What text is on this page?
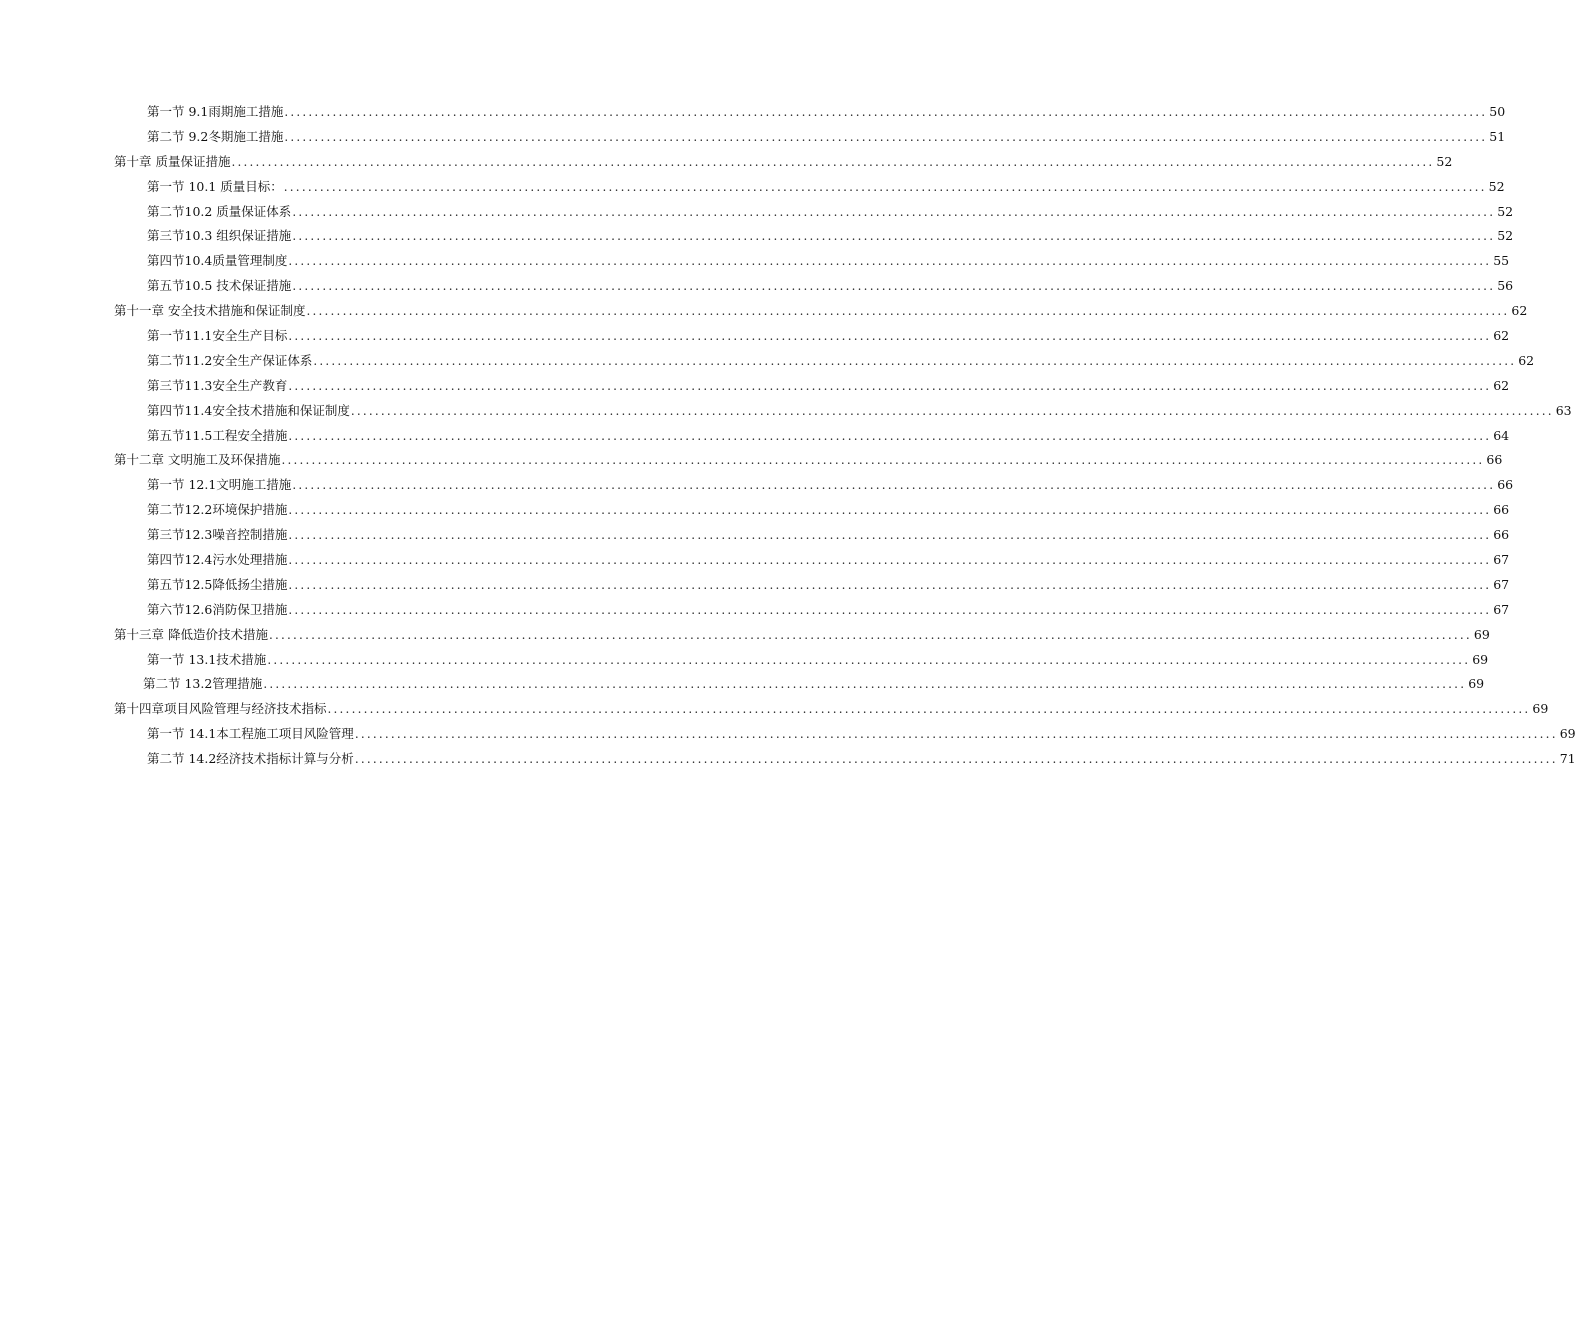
第一节 9.1雨期施工措施 ........................................................................................................................................................................................................ 50
第二节 9.2冬期施工措施 ........................................................................................................................................................................................................ 51
第十章 质量保证措施 ........................................................................................................................................................................................................ 52
第一节 10.1 质量目标： ........................................................................................................................................................................................................ 52
第二节10.2 质量保证体系 ........................................................................................................................................................................................................ 52
第三节10.3 组织保证措施 ........................................................................................................................................................................................................ 52
第四节10.4质量管理制度 ........................................................................................................................................................................................................ 55
第五节10.5 技术保证措施 ........................................................................................................................................................................................................ 56
第十一章 安全技术措施和保证制度 ........................................................................................................................................................................................................ 62
第一节11.1安全生产目标 ........................................................................................................................................................................................................ 62
第二节11.2安全生产保证体系 ........................................................................................................................................................................................................ 62
第三节11.3安全生产教育 ........................................................................................................................................................................................................ 62
第四节11.4安全技术措施和保证制度 ........................................................................................................................................................................................................ 63
第五节11.5工程安全措施 ........................................................................................................................................................................................................ 64
第十二章 文明施工及环保措施 ........................................................................................................................................................................................................ 66
第一节 12.1文明施工措施 ........................................................................................................................................................................................................ 66
第二节12.2环境保护措施 ........................................................................................................................................................................................................ 66
第三节12.3噪音控制措施 ........................................................................................................................................................................................................ 66
第四节12.4污水处理措施 ........................................................................................................................................................................................................ 67
第五节12.5降低扬尘措施 ........................................................................................................................................................................................................ 67
第六节12.6消防保卫措施 ........................................................................................................................................................................................................ 67
第十三章 降低造价技术措施 ........................................................................................................................................................................................................ 69
第一节 13.1技术措施 ........................................................................................................................................................................................................ 69
第二节 13.2管理措施 ........................................................................................................................................................................................................ 69
第十四章项目风险管理与经济技术指标 ........................................................................................................................................................................................................ 69
第一节 14.1本工程施工项目风险管理 ........................................................................................................................................................................................................ 69
第二节 14.2经济技术指标计算与分析 ........................................................................................................................................................................................................ 71
